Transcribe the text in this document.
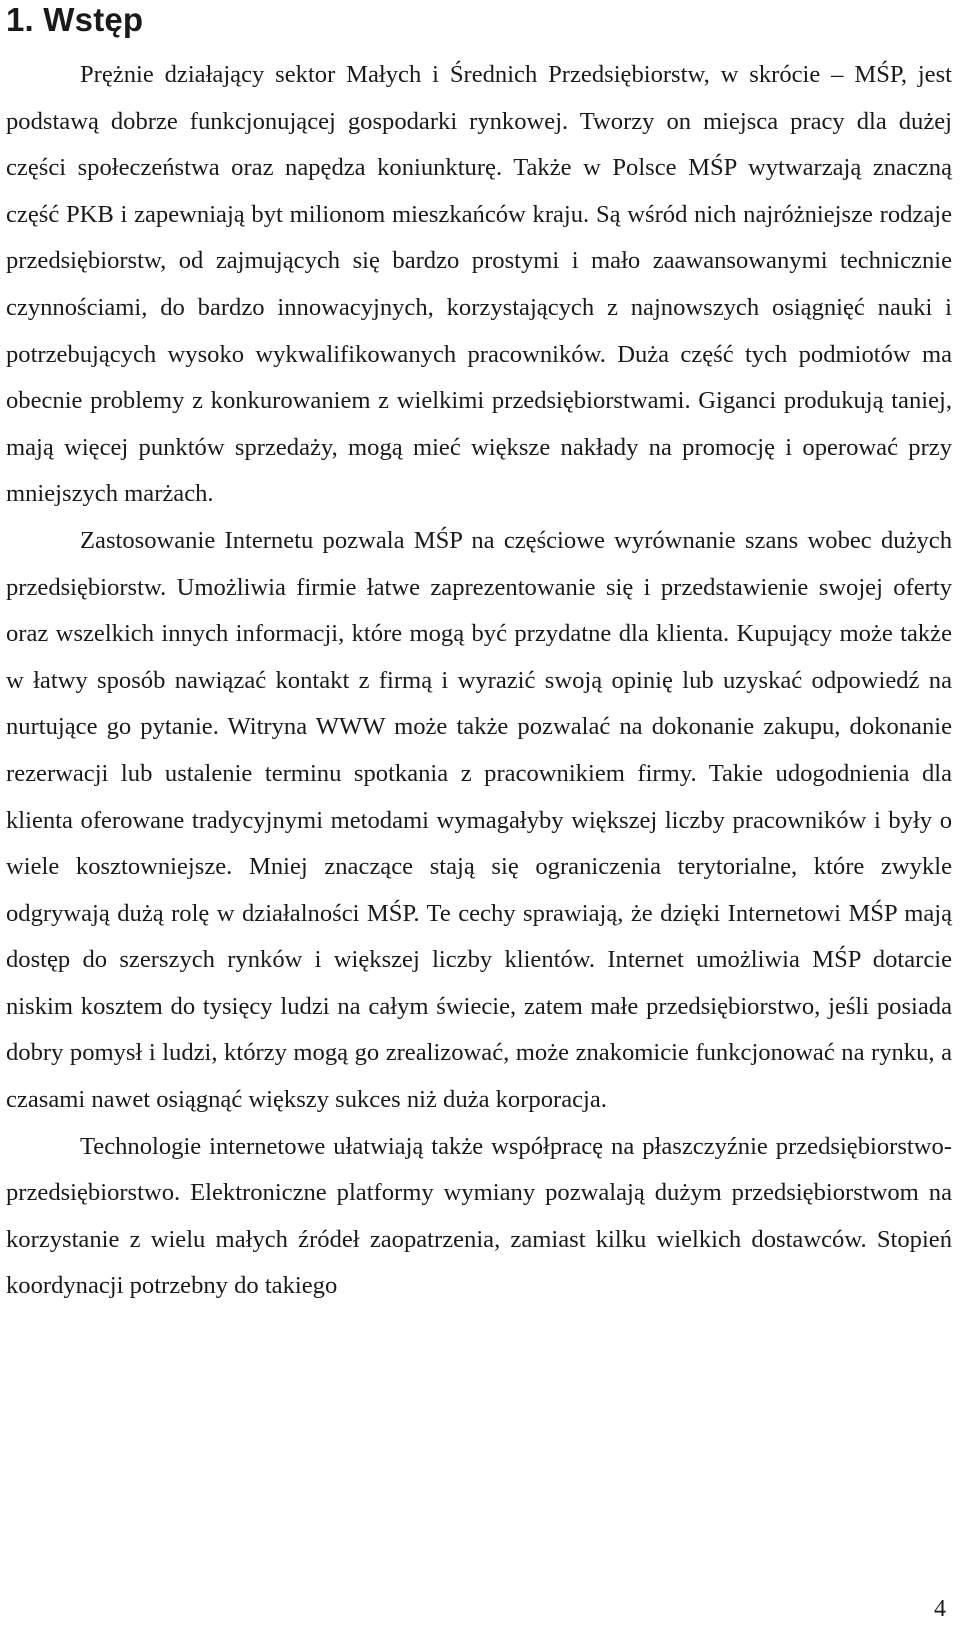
1. Wstęp

Prężnie działający sektor Małych i Średnich Przedsiębiorstw, w skrócie – MŚP, jest podstawą dobrze funkcjonującej gospodarki rynkowej. Tworzy on miejsca pracy dla dużej części społeczeństwa oraz napędza koniunkturę. Także w Polsce MŚP wytwarzają znaczną część PKB i zapewniają byt milionom mieszkańców kraju. Są wśród nich najróżniejsze rodzaje przedsiębiorstw, od zajmujących się bardzo prostymi i mało zaawansowanymi technicznie czynnościami, do bardzo innowacyjnych, korzystających z najnowszych osiągnięć nauki i potrzebujących wysoko wykwalifikowanych pracowników. Duża część tych podmiotów ma obecnie problemy z konkurowaniem z wielkimi przedsiębiorstwami. Giganci produkują taniej, mają więcej punktów sprzedaży, mogą mieć większe nakłady na promocję i operować przy mniejszych marżach.

Zastosowanie Internetu pozwala MŚP na częściowe wyrównanie szans wobec dużych przedsiębiorstw. Umożliwia firmie łatwe zaprezentowanie się i przedstawienie swojej oferty oraz wszelkich innych informacji, które mogą być przydatne dla klienta. Kupujący może także w łatwy sposób nawiązać kontakt z firmą i wyrazić swoją opinię lub uzyskać odpowiedź na nurtujące go pytanie. Witryna WWW może także pozwalać na dokonanie zakupu, dokonanie rezerwacji lub ustalenie terminu spotkania z pracownikiem firmy. Takie udogodnienia dla klienta oferowane tradycyjnymi metodami wymagałyby większej liczby pracowników i były o wiele kosztowniejsze. Mniej znaczące stają się ograniczenia terytorialne, które zwykle odgrywają dużą rolę w działalności MŚP. Te cechy sprawiają, że dzięki Internetowi MŚP mają dostęp do szerszych rynków i większej liczby klientów. Internet umożliwia MŚP dotarcie niskim kosztem do tysięcy ludzi na całym świecie, zatem małe przedsiębiorstwo, jeśli posiada dobry pomysł i ludzi, którzy mogą go zrealizować, może znakomicie funkcjonować na rynku, a czasami nawet osiągnąć większy sukces niż duża korporacja.

Technologie internetowe ułatwiają także współpracę na płaszczyźnie przedsiębiorstwo-przedsiębiorstwo. Elektroniczne platformy wymiany pozwalają dużym przedsiębiorstwom na korzystanie z wielu małych źródeł zaopatrzenia, zamiast kilku wielkich dostawców. Stopień koordynacji potrzebny do takiego

4
